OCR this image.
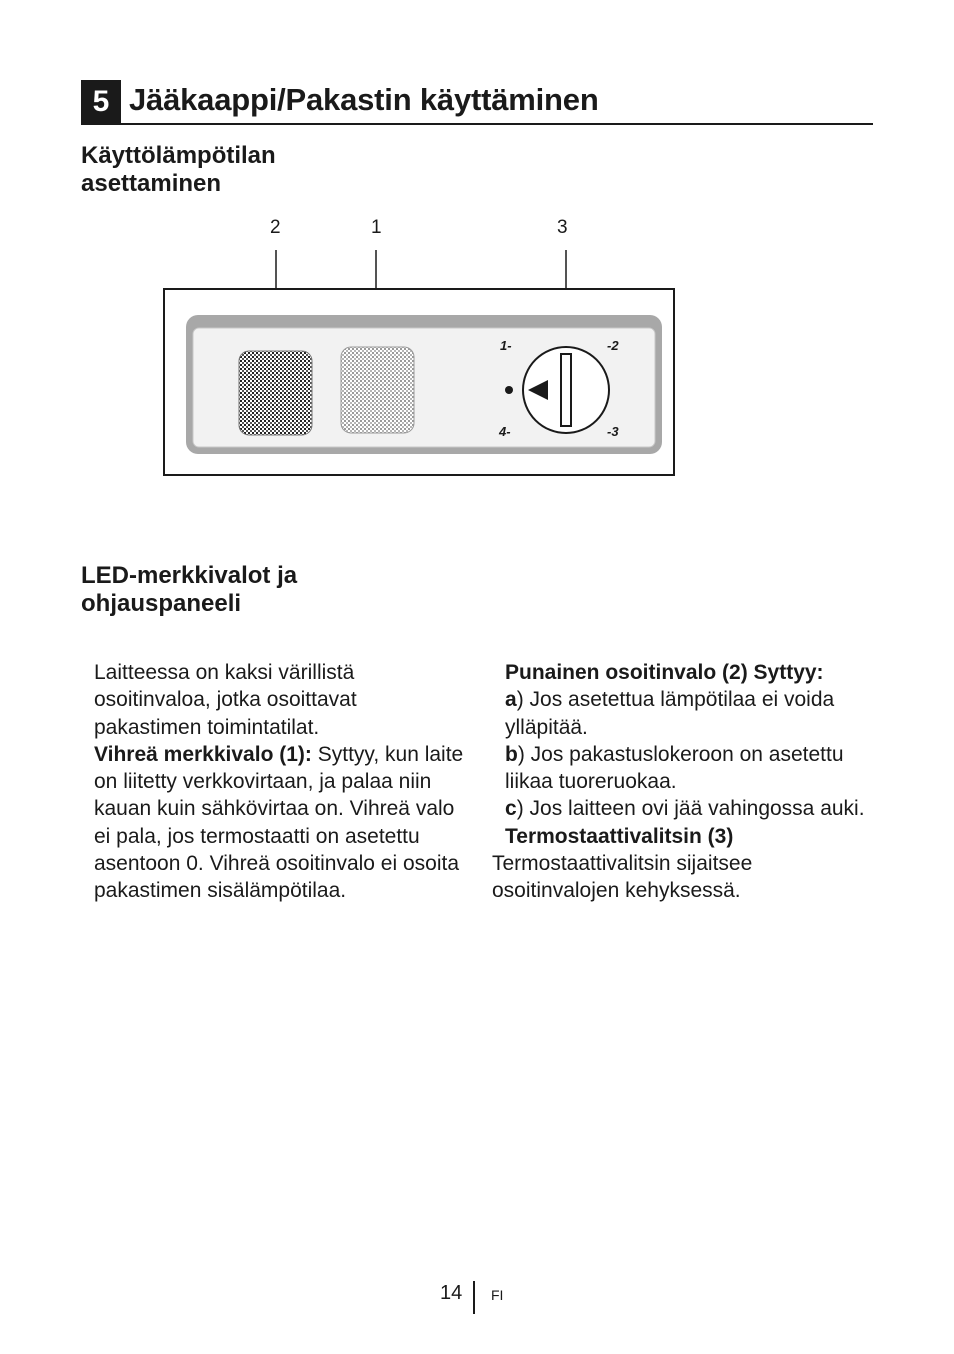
5 Jääkaappi/Pakastin käyttäminen
Käyttölämpötilan
asettaminen
2	1	3
1-	-2
4-	-3
LED-merkkivalot ja
ohjauspaneeli

Laitteessa on kaksi värillistä osoitinvaloa, jotka osoittavat pakastimen toimintatilat.

Vihreä merkkivalo (1): Syttyy, kun laite on liitetty verkkovirtaan, ja palaa niin kauan kuin sähkövirtaa on. Vihreä valo ei pala, jos termostaatti on asetettu asentoon 0. Vihreä osoitinvalo ei osoita pakastimen sisälämpötilaa.

Punainen osoitinvalo (2) Syttyy:

a) Jos asetettua lämpötilaa ei voida ylläpitää.

b) Jos pakastuslokeroon on asetettu liikaa tuoreruokaa.

c) Jos laitteen ovi jää vahingossa auki.

Termostaattivalitsin (3)

Termostaattivalitsin sijaitsee osoitinvalojen kehyksessä.

14 FI
